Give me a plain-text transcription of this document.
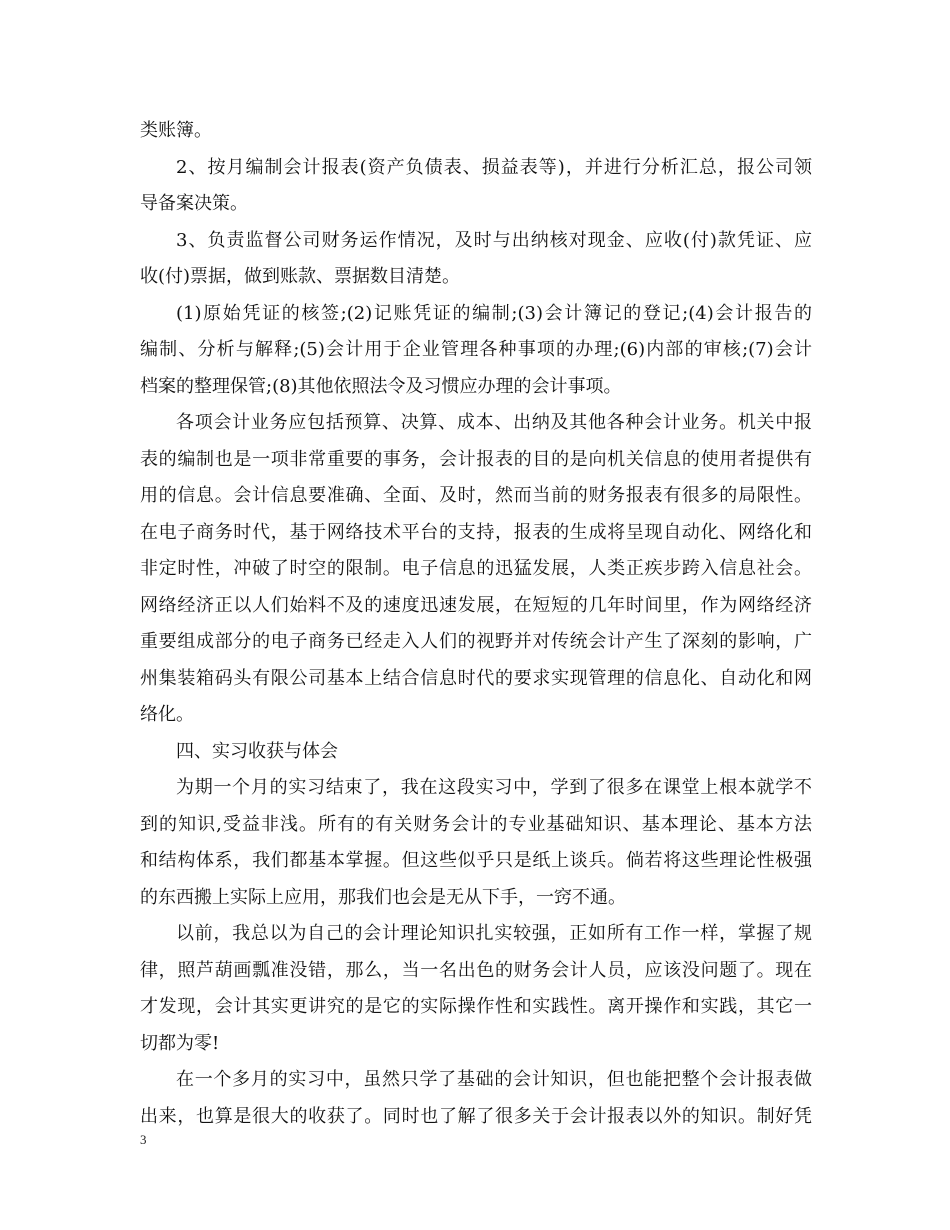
类账簿。
2、按月编制会计报表(资产负债表、损益表等)，并进行分析汇总，报公司领
导备案决策。
3、负责监督公司财务运作情况，及时与出纳核对现金、应收(付)款凭证、应
收(付)票据，做到账款、票据数目清楚。
(1)原始凭证的核签;(2)记账凭证的编制;(3)会计簿记的登记;(4)会计报告的
编制、分析与解释;(5)会计用于企业管理各种事项的办理;(6)内部的审核;(7)会计
档案的整理保管;(8)其他依照法令及习惯应办理的会计事项。
各项会计业务应包括预算、决算、成本、出纳及其他各种会计业务。机关中报
表的编制也是一项非常重要的事务，会计报表的目的是向机关信息的使用者提供有
用的信息。会计信息要准确、全面、及时，然而当前的财务报表有很多的局限性。
在电子商务时代，基于网络技术平台的支持，报表的生成将呈现自动化、网络化和
非定时性，冲破了时空的限制。电子信息的迅猛发展，人类正疾步跨入信息社会。
网络经济正以人们始料不及的速度迅速发展，在短短的几年时间里，作为网络经济
重要组成部分的电子商务已经走入人们的视野并对传统会计产生了深刻的影响，广
州集装箱码头有限公司基本上结合信息时代的要求实现管理的信息化、自动化和网
络化。
四、实习收获与体会
为期一个月的实习结束了，我在这段实习中，学到了很多在课堂上根本就学不
到的知识,受益非浅。所有的有关财务会计的专业基础知识、基本理论、基本方法
和结构体系，我们都基本掌握。但这些似乎只是纸上谈兵。倘若将这些理论性极强
的东西搬上实际上应用，那我们也会是无从下手，一窍不通。
以前，我总以为自己的会计理论知识扎实较强，正如所有工作一样，掌握了规
律，照芦葫画瓢准没错，那么，当一名出色的财务会计人员，应该没问题了。现在
才发现，会计其实更讲究的是它的实际操作性和实践性。离开操作和实践，其它一
切都为零!
在一个多月的实习中，虽然只学了基础的会计知识，但也能把整个会计报表做
出来，也算是很大的收获了。同时也了解了很多关于会计报表以外的知识。制好凭
3
